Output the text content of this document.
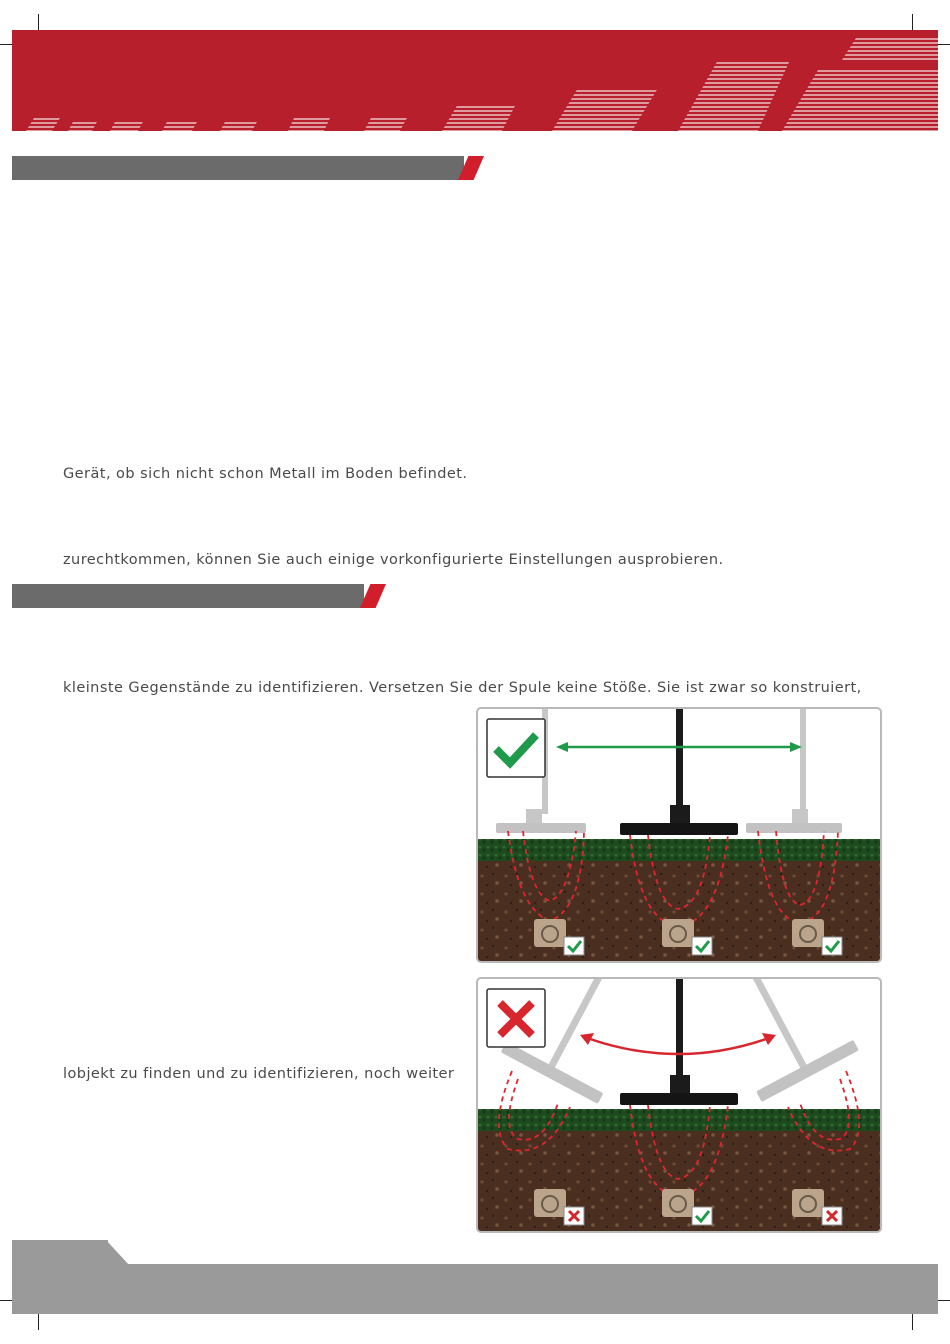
Gerät, ob sich nicht schon Metall im Boden befindet.

zurechtkommen, können Sie auch einige vorkonfigurierte Einstellungen ausprobieren.

kleinste Gegenstände zu identifizieren. Versetzen Sie der Spule keine Stöße. Sie ist zwar so konstruiert,

lobjekt zu finden und zu identifizieren, noch weiter
